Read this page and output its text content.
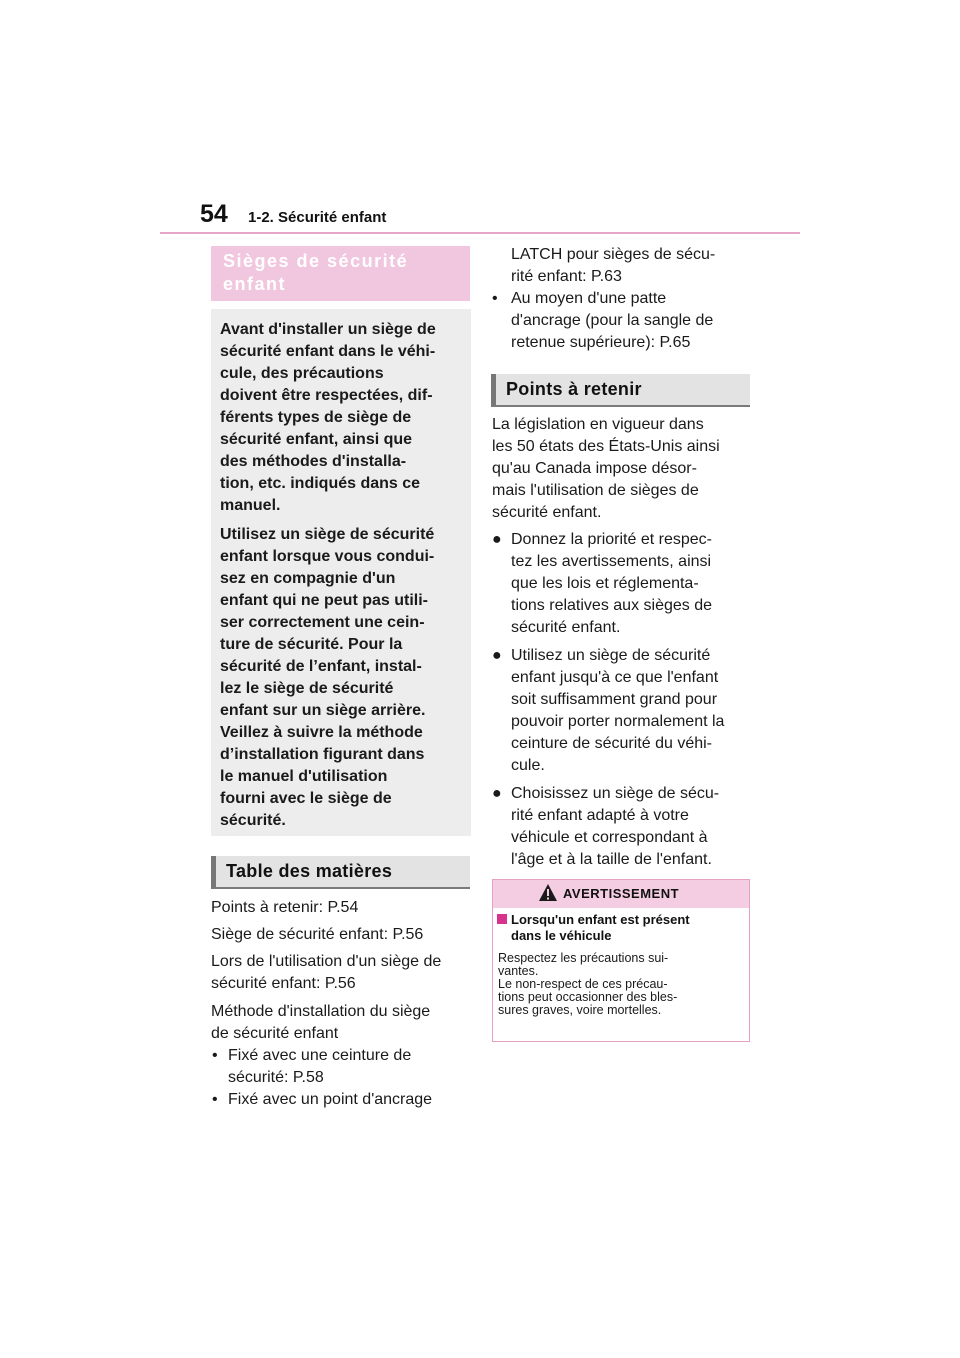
54 1-2. Sécurité enfant
Sièges de sécurité
enfant
Avant d'installer un siège de
sécurité enfant dans le véhi-
cule, des précautions
doivent être respectées, dif-
férents types de siège de
sécurité enfant, ainsi que
des méthodes d'installa-
tion, etc. indiqués dans ce
manuel.
Utilisez un siège de sécurité
enfant lorsque vous condui-
sez en compagnie d'un
enfant qui ne peut pas utili-
ser correctement une cein-
ture de sécurité. Pour la
sécurité de l’enfant, instal-
lez le siège de sécurité
enfant sur un siège arrière.
Veillez à suivre la méthode
d’installation figurant dans
le manuel d'utilisation
fourni avec le siège de
sécurité.
Table des matières
Points à retenir: P.54
Siège de sécurité enfant: P.56
Lors de l'utilisation d'un siège de
sécurité enfant: P.56
Méthode d'installation du siège
de sécurité enfant
• Fixé avec une ceinture de
sécurité: P.58
• Fixé avec un point d'ancrage
LATCH pour sièges de sécu-
rité enfant: P.63
• Au moyen d'une patte
d'ancrage (pour la sangle de
retenue supérieure): P.65
Points à retenir
La législation en vigueur dans
les 50 états des États-Unis ainsi
qu'au Canada impose désor-
mais l'utilisation de sièges de
sécurité enfant.
● Donnez la priorité et respec-
tez les avertissements, ainsi
que les lois et réglementa-
tions relatives aux sièges de
sécurité enfant.
● Utilisez un siège de sécurité
enfant jusqu'à ce que l'enfant
soit suffisamment grand pour
pouvoir porter normalement la
ceinture de sécurité du véhi-
cule.
● Choisissez un siège de sécu-
rité enfant adapté à votre
véhicule et correspondant à
l'âge et à la taille de l'enfant.
AVERTISSEMENT
Lorsqu'un enfant est présent
dans le véhicule
Respectez les précautions sui-
vantes.
Le non-respect de ces précau-
tions peut occasionner des bles-
sures graves, voire mortelles.
